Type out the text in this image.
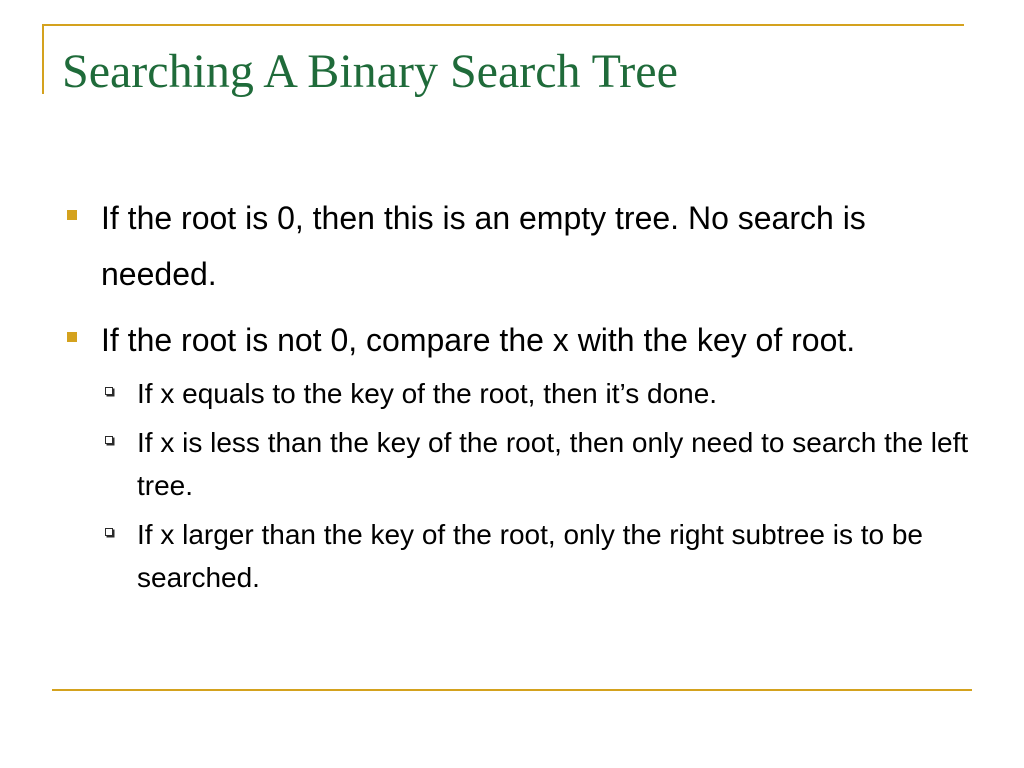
Searching A Binary Search Tree
If the root is 0, then this is an empty tree. No search is needed.
If the root is not 0, compare the x with the key of root.
If x equals to the key of the root, then it’s done.
If x is less than the key of the root, then only need to search the left tree.
If x larger than the key of the root, only the right subtree is to be searched.
